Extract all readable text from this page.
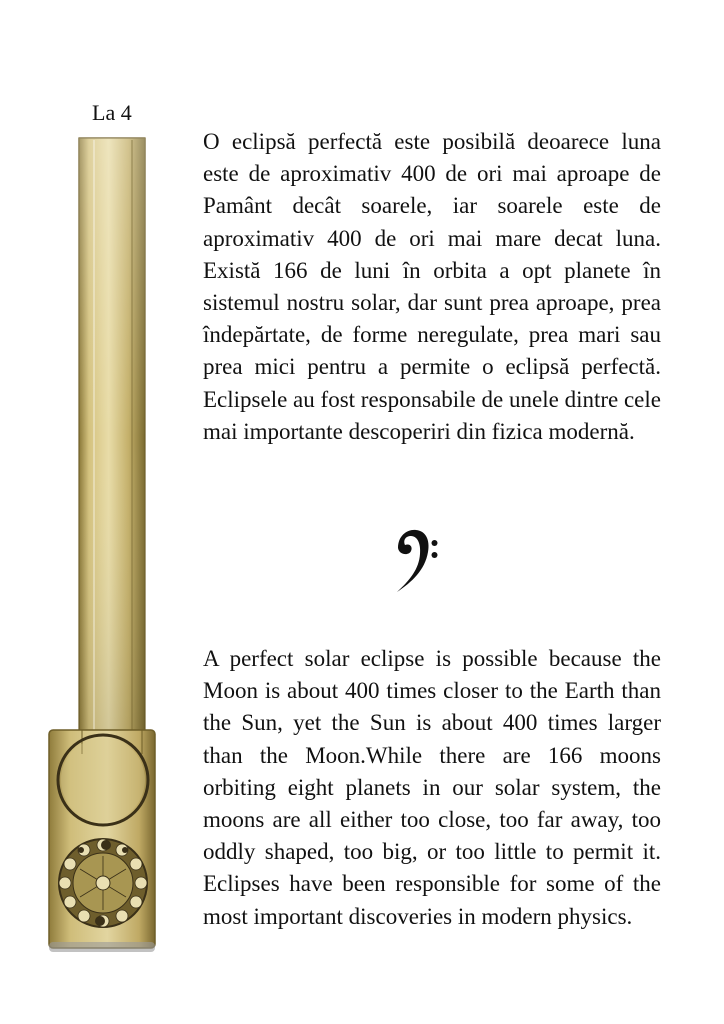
La 4

O eclipsă perfectă este posibilă deoarece luna este de aproximativ 400 de ori mai aproape de Pamânt decât soarele, iar soarele este de aproximativ 400 de ori mai mare decat luna. Există 166 de luni în orbita a opt planete în sistemul nostru solar, dar sunt prea aproape, prea îndepărtate, de forme neregulate, prea mari sau prea mici pentru a permite o eclipsă perfectă. Eclipsele au fost responsabile de unele dintre cele mai importante descoperiri din fizica modernă.

A perfect solar eclipse is possible because the Moon is about 400 times closer to the Earth than the Sun, yet the Sun is about 400 times larger than the Moon.While there are 166 moons orbiting eight planets in our solar system, the moons are all either too close, too far away, too oddly shaped, too big, or too little to permit it. Eclipses have been responsible for some of the most important discoveries in modern physics.
